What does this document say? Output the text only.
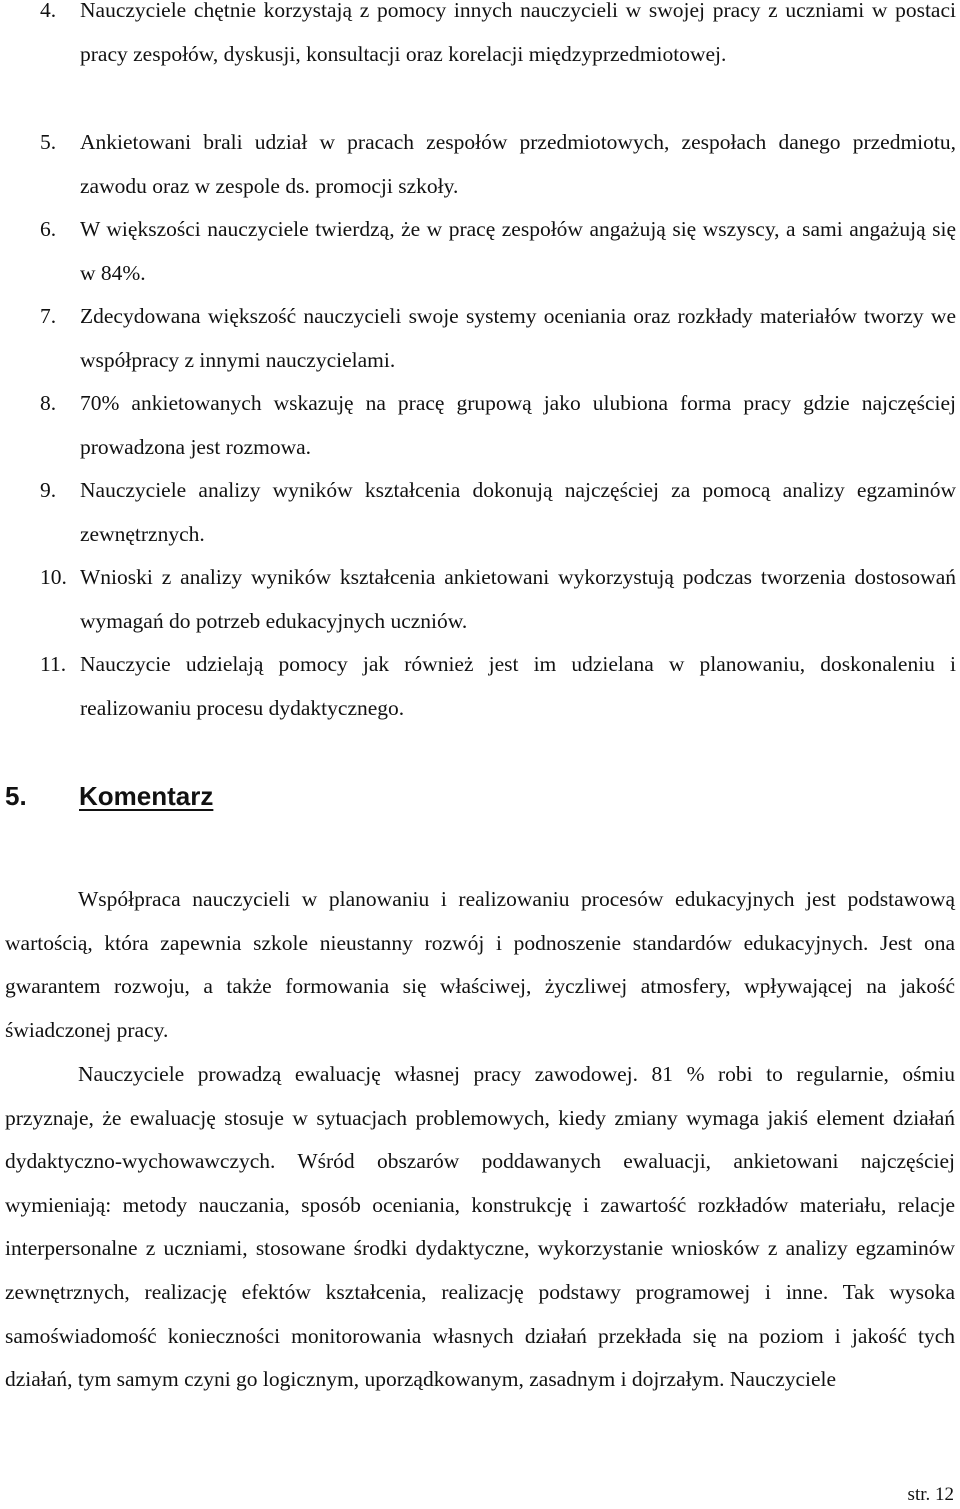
4.	Nauczyciele chętnie korzystają z pomocy innych nauczycieli w swojej pracy z uczniami w postaci pracy zespołów, dyskusji, konsultacji oraz korelacji międzyprzedmiotowej.
5.	Ankietowani brali udział w pracach zespołów przedmiotowych, zespołach danego przedmiotu, zawodu oraz w zespole ds. promocji szkoły.
6.	W większości nauczyciele twierdzą, że w pracę zespołów angażują się wszyscy, a sami angażują się w 84%.
7.	Zdecydowana większość nauczycieli swoje systemy oceniania oraz rozkłady materiałów tworzy we współpracy z innymi nauczycielami.
8.	70% ankietowanych wskazuję na pracę grupową jako ulubiona forma pracy gdzie najczęściej prowadzona jest rozmowa.
9.	Nauczyciele analizy wyników kształcenia dokonują najczęściej za pomocą analizy egzaminów zewnętrznych.
10. Wnioski z analizy wyników kształcenia ankietowani wykorzystują podczas tworzenia dostosowań wymagań do potrzeb edukacyjnych uczniów.
11. Nauczycie udzielają pomocy jak również jest im udzielana w planowaniu, doskonaleniu i realizowaniu procesu dydaktycznego.
5. Komentarz

Współpraca nauczycieli w planowaniu i realizowaniu procesów edukacyjnych jest podstawową wartością, która zapewnia szkole nieustanny rozwój i podnoszenie standardów edukacyjnych. Jest ona gwarantem rozwoju, a także formowania się właściwej, życzliwej atmosfery, wpływającej na jakość świadczonej pracy.

Nauczyciele prowadzą ewaluację własnej pracy zawodowej. 81 % robi to regularnie, ośmiu przyznaje, że ewaluację stosuje w sytuacjach problemowych, kiedy zmiany wymaga jakiś element działań dydaktyczno-wychowawczych. Wśród obszarów poddawanych ewaluacji, ankietowani najczęściej wymieniają: metody nauczania, sposób oceniania, konstrukcję i zawartość rozkładów materiału, relacje interpersonalne z uczniami, stosowane środki dydaktyczne, wykorzystanie wniosków z analizy egzaminów zewnętrznych, realizację efektów kształcenia, realizację podstawy programowej i inne. Tak wysoka samoświadomość konieczności monitorowania własnych działań przekłada się na poziom i jakość tych działań, tym samym czyni go logicznym, uporządkowanym, zasadnym i dojrzałym. Nauczyciele

str. 12
